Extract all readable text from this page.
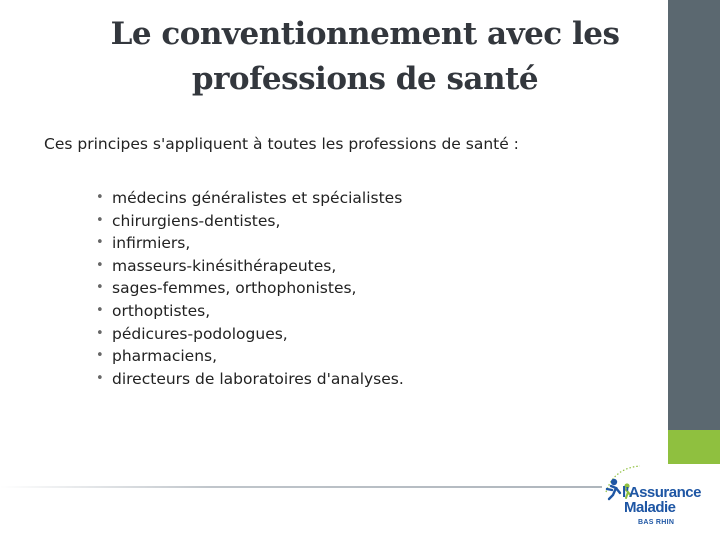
Le conventionnement avec les
professions de santé
Ces principes s'appliquent à toutes les professions de santé :
• médecins généralistes et spécialistes
• chirurgiens-dentistes,
• infirmiers,
• masseurs-kinésithérapeutes,
• sages-femmes, orthophonistes,
• orthoptistes,
• pédicures-podologues,
• pharmaciens,
• directeurs de laboratoires d'analyses.
l'Assurance
Maladie
BAS RHIN
